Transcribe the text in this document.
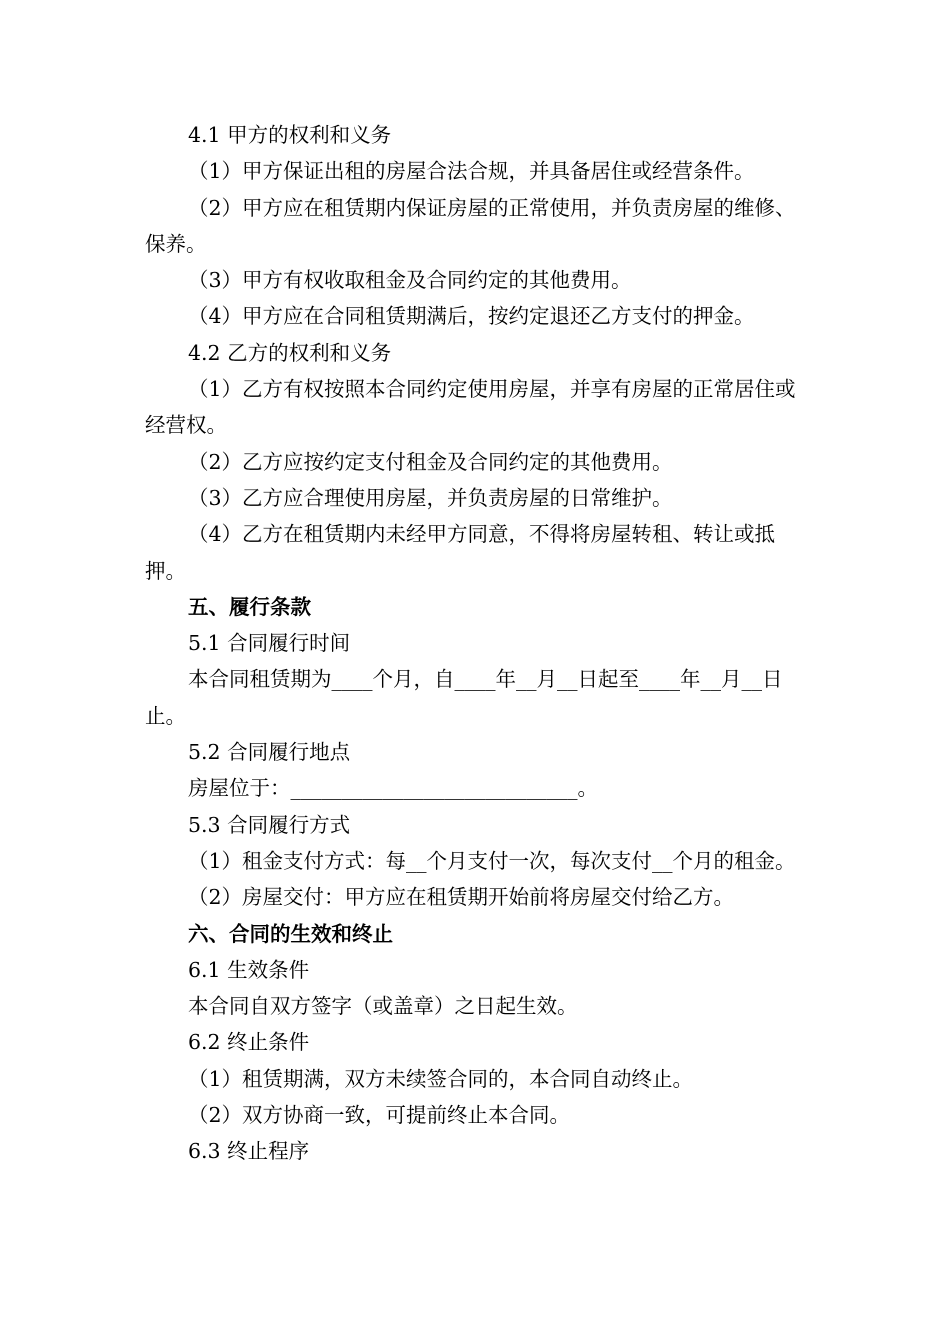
4.1 甲方的权利和义务

（1）甲方保证出租的房屋合法合规，并具备居住或经营条件。

（2）甲方应在租赁期内保证房屋的正常使用，并负责房屋的维修、保养。

（3）甲方有权收取租金及合同约定的其他费用。

（4）甲方应在合同租赁期满后，按约定退还乙方支付的押金。

4.2 乙方的权利和义务

（1）乙方有权按照本合同约定使用房屋，并享有房屋的正常居住或经营权。

（2）乙方应按约定支付租金及合同约定的其他费用。

（3）乙方应合理使用房屋，并负责房屋的日常维护。

（4）乙方在租赁期内未经甲方同意，不得将房屋转租、转让或抵押。

五、履行条款

5.1 合同履行时间

本合同租赁期为____个月，自____年__月__日起至____年__月__日止。

5.2 合同履行地点

房屋位于：____________________________。

5.3 合同履行方式

（1）租金支付方式：每__个月支付一次，每次支付__个月的租金。

（2）房屋交付：甲方应在租赁期开始前将房屋交付给乙方。

六、合同的生效和终止

6.1 生效条件

本合同自双方签字（或盖章）之日起生效。

6.2 终止条件

（1）租赁期满，双方未续签合同的，本合同自动终止。

（2）双方协商一致，可提前终止本合同。

6.3 终止程序
